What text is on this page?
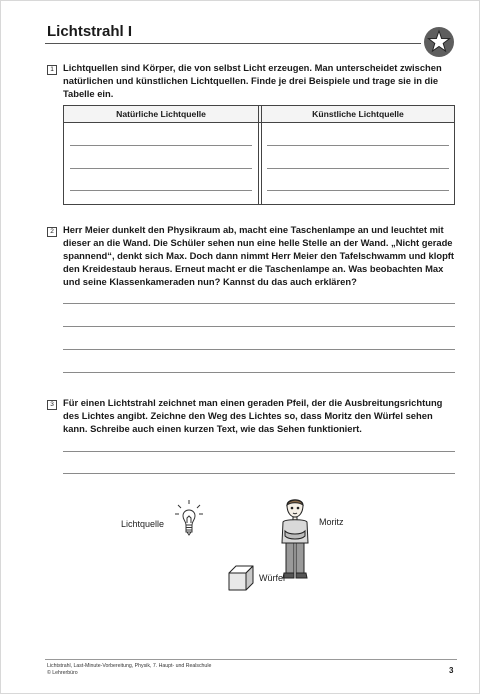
Lichtstrahl I
1 Lichtquellen sind Körper, die von selbst Licht erzeugen. Man unterscheidet zwischen natürlichen und künstlichen Lichtquellen. Finde je drei Beispiele und trage sie in die Tabelle ein.
Natürliche Lichtquelle	Künstliche Lichtquelle
2 Herr Meier dunkelt den Physikraum ab, macht eine Taschenlampe an und leuchtet mit dieser an die Wand. Die Schüler sehen nun eine helle Stelle an der Wand. „Nicht gerade spannend“, denkt sich Max. Doch dann nimmt Herr Meier den Tafelschwamm und klopft den Kreidestaub heraus. Erneut macht er die Taschenlampe an. Was beobachten Max und seine Klassenkameraden nun? Kannst du das auch erklären?
3 Für einen Lichtstrahl zeichnet man einen geraden Pfeil, der die Ausbreitungsrichtung des Lichtes angibt. Zeichne den Weg des Lichtes so, dass Moritz den Würfel sehen kann. Schreibe auch einen kurzen Text, wie das Sehen funktioniert.
Lichtquelle	Moritz
Würfel
Lichtstrahl, Last-Minute-Vorbereitung, Physik, 7. Haupt- und Realschule
© Lehrerbüro	3
